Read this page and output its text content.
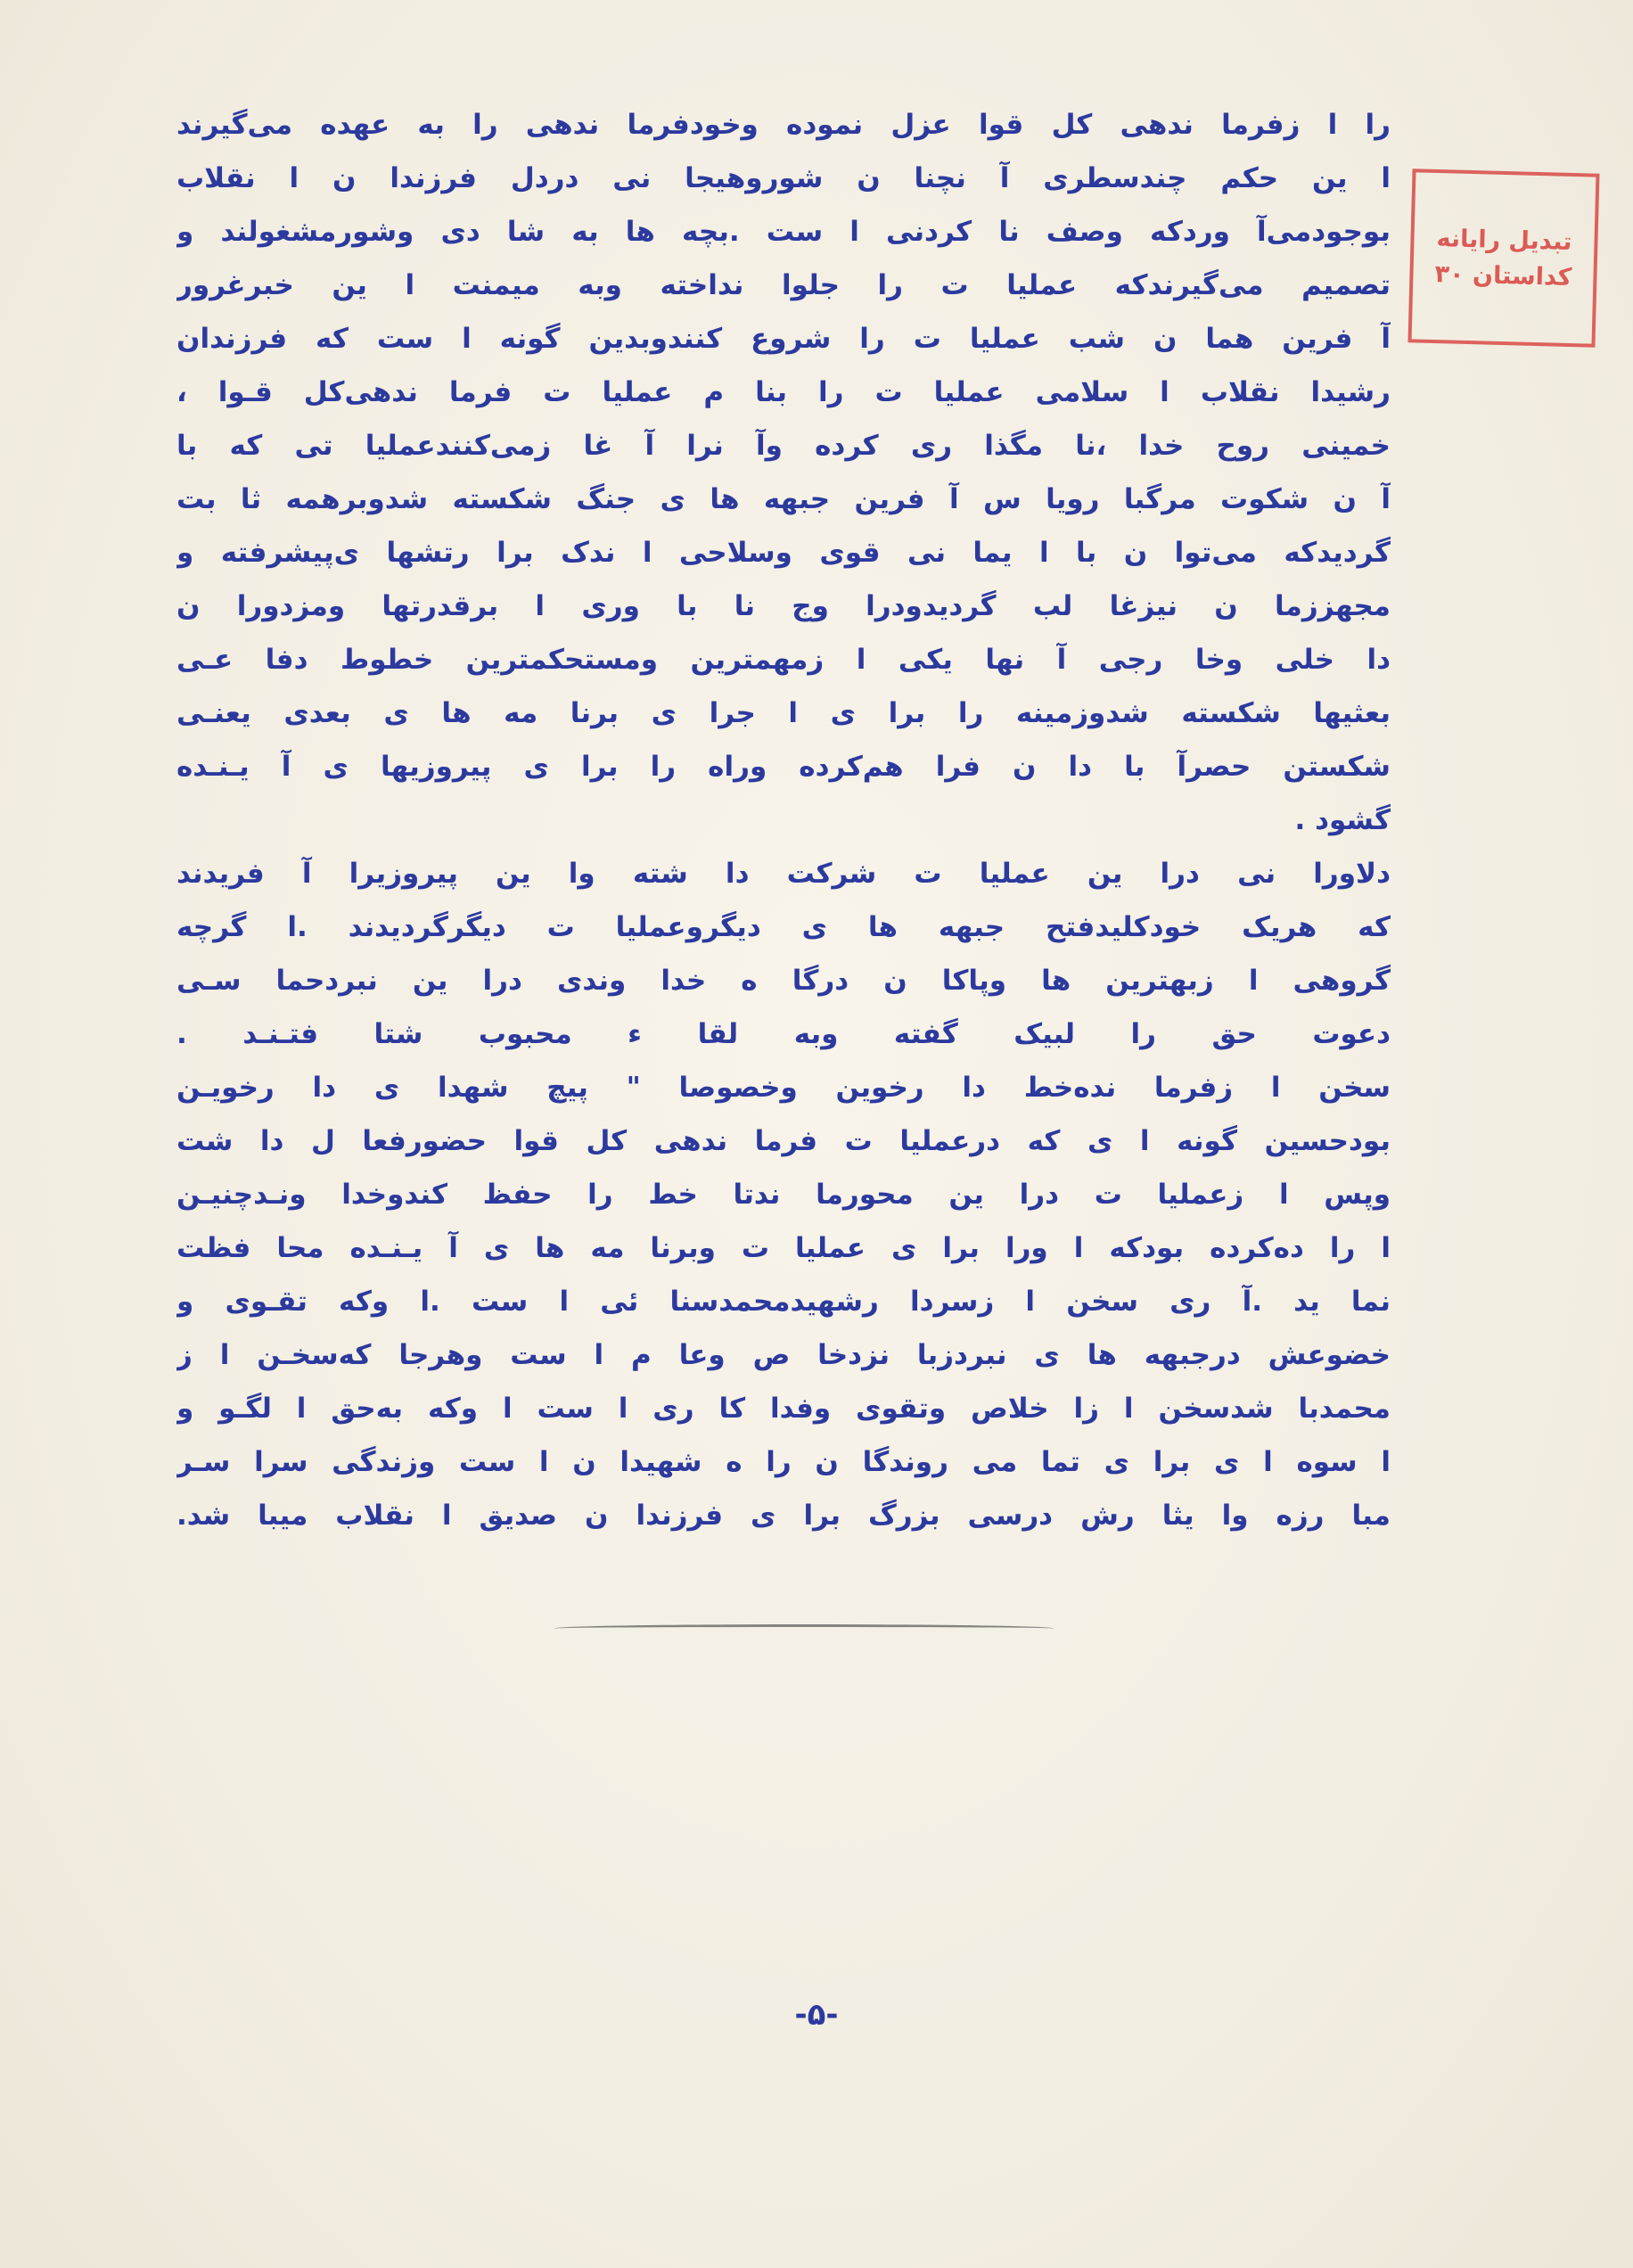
تبدیل رایانه
کداستان ۳۰
را ا زفرما ندهی کل قوا عزل نموده وخودفرما ندهی را به عهده می‌گیرند
ا ین حکم چندسطری آ نچنا ن شوروهیجا نی دردل فرزندا ن ا نقلاب
بوجودمی‌آ وردکه وصف نا کردنی ا ست .بچه ها به شا دی وشورمشغولند و
تصمیم می‌گیرندکه عملیا ت را جلوا نداخته وبه میمنت ا ین خبرغرور
آ فرین هما ن شب عملیا ت را شروع کنندوبدین گونه ا ست که فرزندان
رشیدا نقلاب ا سلامی عملیا ت را بنا م عملیا ت فرما ندهی‌کل قـوا ،
خمینی روح خدا ،نا مگذا ری کرده وآ نرا آ غا زمی‌کنندعملیا تی که با
آ ن شکوت مرگبا رویا س آ فرین جبهه ها ی جنگ شکسته شدوبرهمه ثا بت
گردیدکه می‌توا ن با ا یما نی قوی وسلاحی ا ندک برا رتشها ی‌پیشرفته و
مجهززما ن نیزغا لب گردیدودرا وج نا با وری ا برقدرتها ومزدورا ن
دا خلی وخا رجی آ نها یکی ا زمهمترین ومستحکمترین خطوط دفا عـی
بعثیها شکسته شدوزمینه را برا ی ا جرا ی برنا مه ها ی بعدی یعنـی
شکستن حصرآ با دا ن فرا هم‌کرده وراه را برا ی پیروزیها ی آ یـنـده
گشود .
دلاورا نی درا ین عملیا ت شرکت دا شته وا ین پیروزیرا آ فریدند
که هریک خودکلیدفتح جبهه ها ی دیگروعملیا ت دیگرگردیدند .ا گرچه
گروهی ا زبهترین ها وپاکا ن درگا ه خدا وندی درا ین نبردحما سـی
دعوت حق را لبیک گفته وبه لقا ء محبوب شتا فتـنـد .
سخن ا زفرما نده‌خط دا رخوین وخصوصا " پیچ شهدا ی دا رخویـن
بودحسین گونه ا ی که درعملیا ت فرما ندهی کل قوا حضورفعا ل دا شت
وپس ا زعملیا ت درا ین محورما ندتا خط را حفظ کندوخدا ونـدچنیـن
ا را ده‌کرده بودکه ا ورا برا ی عملیا ت وبرنا مه ها ی آ یـنـده محا فظت
نما ید .آ ری سخن ا زسردا رشهیدمحمدسنا ئی ا ست .ا وکه تقـوی و
خضوعش درجبهه ها ی نبردزبا نزدخا ص وعا م ا ست وهرجا که‌سخـن ا ز
محمدبا شدسخن ا زا خلاص وتقوی وفدا کا ری ا ست ا وکه به‌حق ا لگـو و
ا سوه ا ی برا ی تما می روندگا ن را ه شهیدا ن ا ست وزندگی سرا سـر
مبا رزه وا یثا رش درسی بزرگ برا ی فرزندا ن صدیق ا نقلاب میبا شد.
-۵-
